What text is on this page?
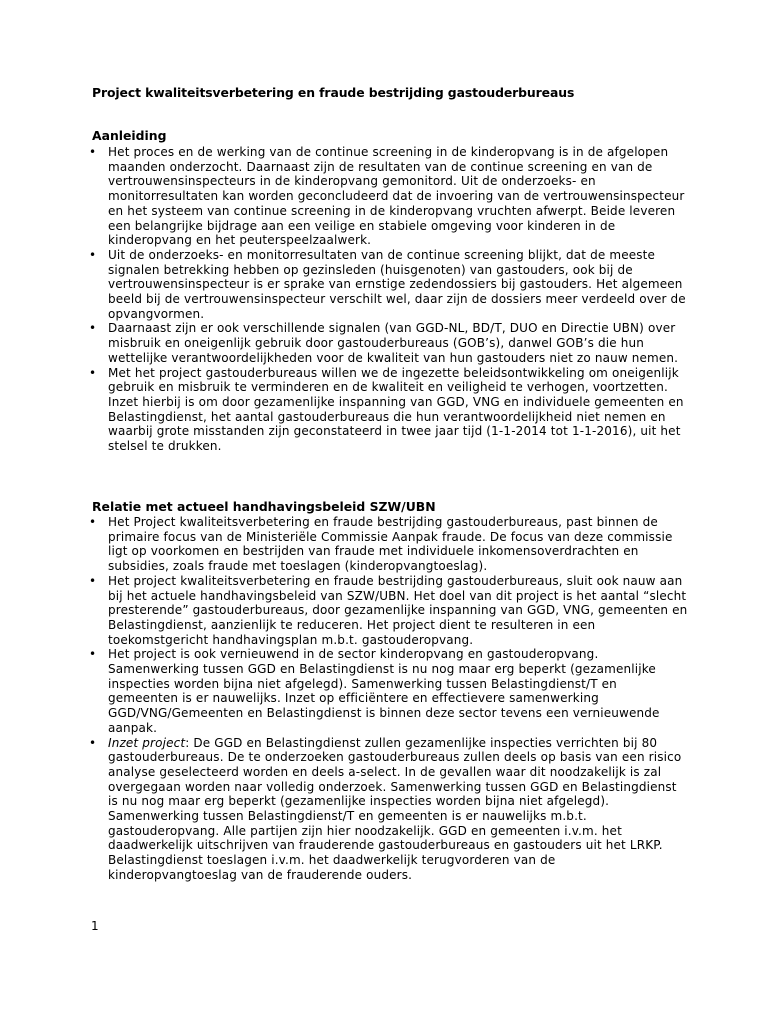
Project kwaliteitsverbetering en fraude bestrijding gastouderbureaus
Aanleiding
• Het proces en de werking van de continue screening in de kinderopvang is in de afgelopen maanden onderzocht. Daarnaast zijn de resultaten van de continue screening en van de vertrouwensinspecteurs in de kinderopvang gemonitord. Uit de onderzoeks- en monitorresultaten kan worden geconcludeerd dat de invoering van de vertrouwensinspecteur en het systeem van continue screening in de kinderopvang vruchten afwerpt. Beide leveren een belangrijke bijdrage aan een veilige en stabiele omgeving voor kinderen in de kinderopvang en het peuterspeelzaalwerk.
• Uit de onderzoeks- en monitorresultaten van de continue screening blijkt, dat de meeste signalen betrekking hebben op gezinsleden (huisgenoten) van gastouders, ook bij de vertrouwensinspecteur is er sprake van ernstige zedendossiers bij gastouders. Het algemeen beeld bij de vertrouwensinspecteur verschilt wel, daar zijn de dossiers meer verdeeld over de opvangvormen.
• Daarnaast zijn er ook verschillende signalen (van GGD-NL, BD/T, DUO en Directie UBN) over misbruik en oneigenlijk gebruik door gastouderbureaus (GOB’s), danwel GOB’s die hun wettelijke verantwoordelijkheden voor de kwaliteit van hun gastouders niet zo nauw nemen.
• Met het project gastouderbureaus willen we de ingezette beleidsontwikkeling om oneigenlijk gebruik en misbruik te verminderen en de kwaliteit en veiligheid te verhogen, voortzetten. Inzet hierbij is om door gezamenlijke inspanning van GGD, VNG en individuele gemeenten en Belastingdienst, het aantal gastouderbureaus die hun verantwoordelijkheid niet nemen en waarbij grote misstanden zijn geconstateerd in twee jaar tijd (1-1-2014 tot 1-1-2016), uit het stelsel te drukken.
Relatie met actueel handhavingsbeleid SZW/UBN
• Het Project kwaliteitsverbetering en fraude bestrijding gastouderbureaus, past binnen de primaire focus van de Ministeriële Commissie Aanpak fraude. De focus van deze commissie ligt op voorkomen en bestrijden van fraude met individuele inkomensoverdrachten en subsidies, zoals fraude met toeslagen (kinderopvangtoeslag).
• Het project kwaliteitsverbetering en fraude bestrijding gastouderbureaus, sluit ook nauw aan bij het actuele handhavingsbeleid van SZW/UBN. Het doel van dit project is het aantal “slecht presterende” gastouderbureaus, door gezamenlijke inspanning van GGD, VNG, gemeenten en Belastingdienst, aanzienlijk te reduceren. Het project dient te resulteren in een toekomstgericht handhavingsplan m.b.t. gastouderopvang.
• Het project is ook vernieuwend in de sector kinderopvang en gastouderopvang. Samenwerking tussen GGD en Belastingdienst is nu nog maar erg beperkt (gezamenlijke inspecties worden bijna niet afgelegd). Samenwerking tussen Belastingdienst/T en gemeenten is er nauwelijks. Inzet op efficiëntere en effectievere samenwerking GGD/VNG/Gemeenten en Belastingdienst is binnen deze sector tevens een vernieuwende aanpak.
• Inzet project: De GGD en Belastingdienst zullen gezamenlijke inspecties verrichten bij 80 gastouderbureaus. De te onderzoeken gastouderbureaus zullen deels op basis van een risico analyse geselecteerd worden en deels a-select. In de gevallen waar dit noodzakelijk is zal overgegaan worden naar volledig onderzoek. Samenwerking tussen GGD en Belastingdienst is nu nog maar erg beperkt (gezamenlijke inspecties worden bijna niet afgelegd). Samenwerking tussen Belastingdienst/T en gemeenten is er nauwelijks m.b.t. gastouderopvang. Alle partijen zijn hier noodzakelijk. GGD en gemeenten i.v.m. het daadwerkelijk uitschrijven van frauderende gastouderbureaus en gastouders uit het LRKP. Belastingdienst toeslagen i.v.m. het daadwerkelijk terugvorderen van de kinderopvangtoeslag van de frauderende ouders.
1
